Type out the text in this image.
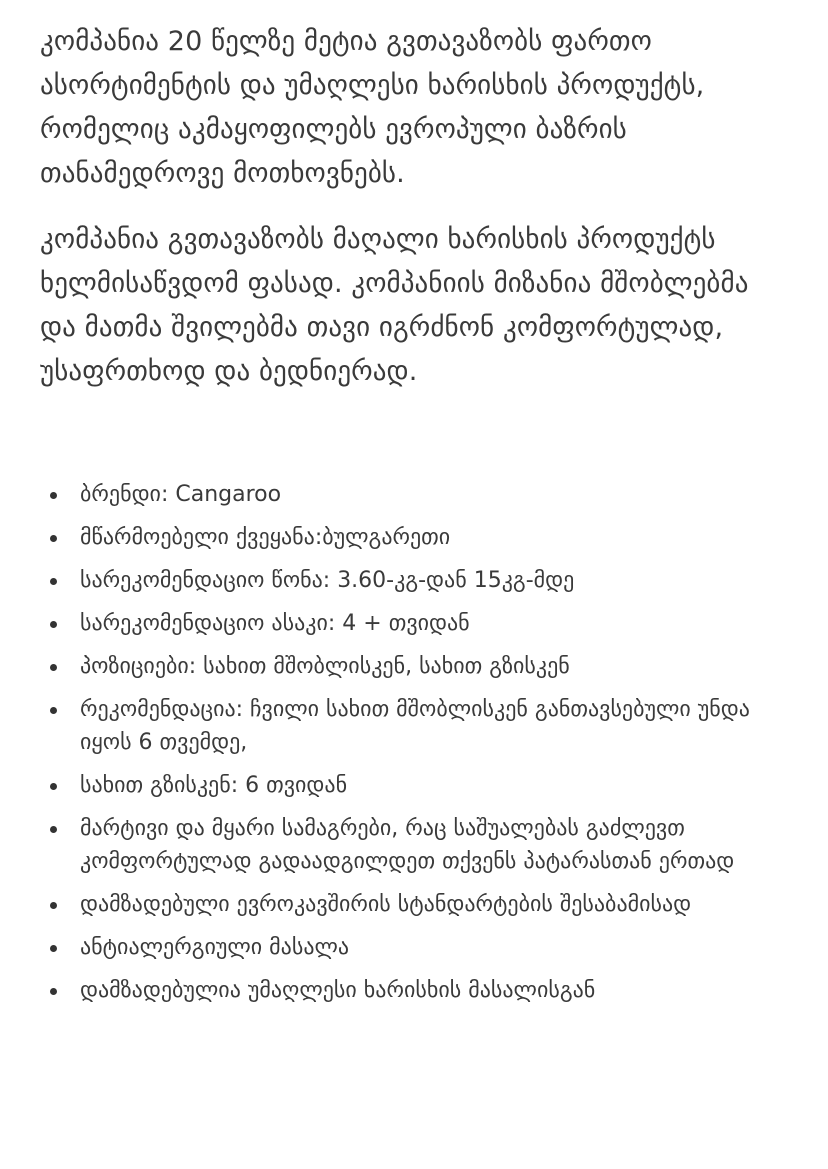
კომპანია 20 წელზე მეტია გვთავაზობს ფართო ასორტიმენტის და უმაღლესი ხარისხის პროდუქტს, რომელიც აკმაყოფილებს ევროპული ბაზრის თანამედროვე მოთხოვნებს.

კომპანია გვთავაზობს მაღალი ხარისხის პროდუქტს ხელმისაწვდომ ფასად. კომპანიის მიზანია მშობლებმა და მათმა შვილებმა თავი იგრძნონ კომფორტულად, უსაფრთხოდ და ბედნიერად.

ბრენდი: Cangaroo
მწარმოებელი ქვეყანა:ბულგარეთი
სარეკომენდაციო წონა: 3.60-კგ-დან 15კგ-მდე
სარეკომენდაციო ასაკი: 4 + თვიდან
პოზიციები: სახით მშობლისკენ, სახით გზისკენ
რეკომენდაცია: ჩვილი სახით მშობლისკენ განთავსებული უნდა იყოს 6 თვემდე,
სახით გზისკენ: 6 თვიდან
მარტივი და მყარი სამაგრები, რაც საშუალებას გაძლევთ კომფორტულად გადაადგილდეთ თქვენს პატარასთან ერთად
დამზადებული ევროკავშირის სტანდარტების შესაბამისად
ანტიალერგიული მასალა
დამზადებულია უმაღლესი ხარისხის მასალისგან
